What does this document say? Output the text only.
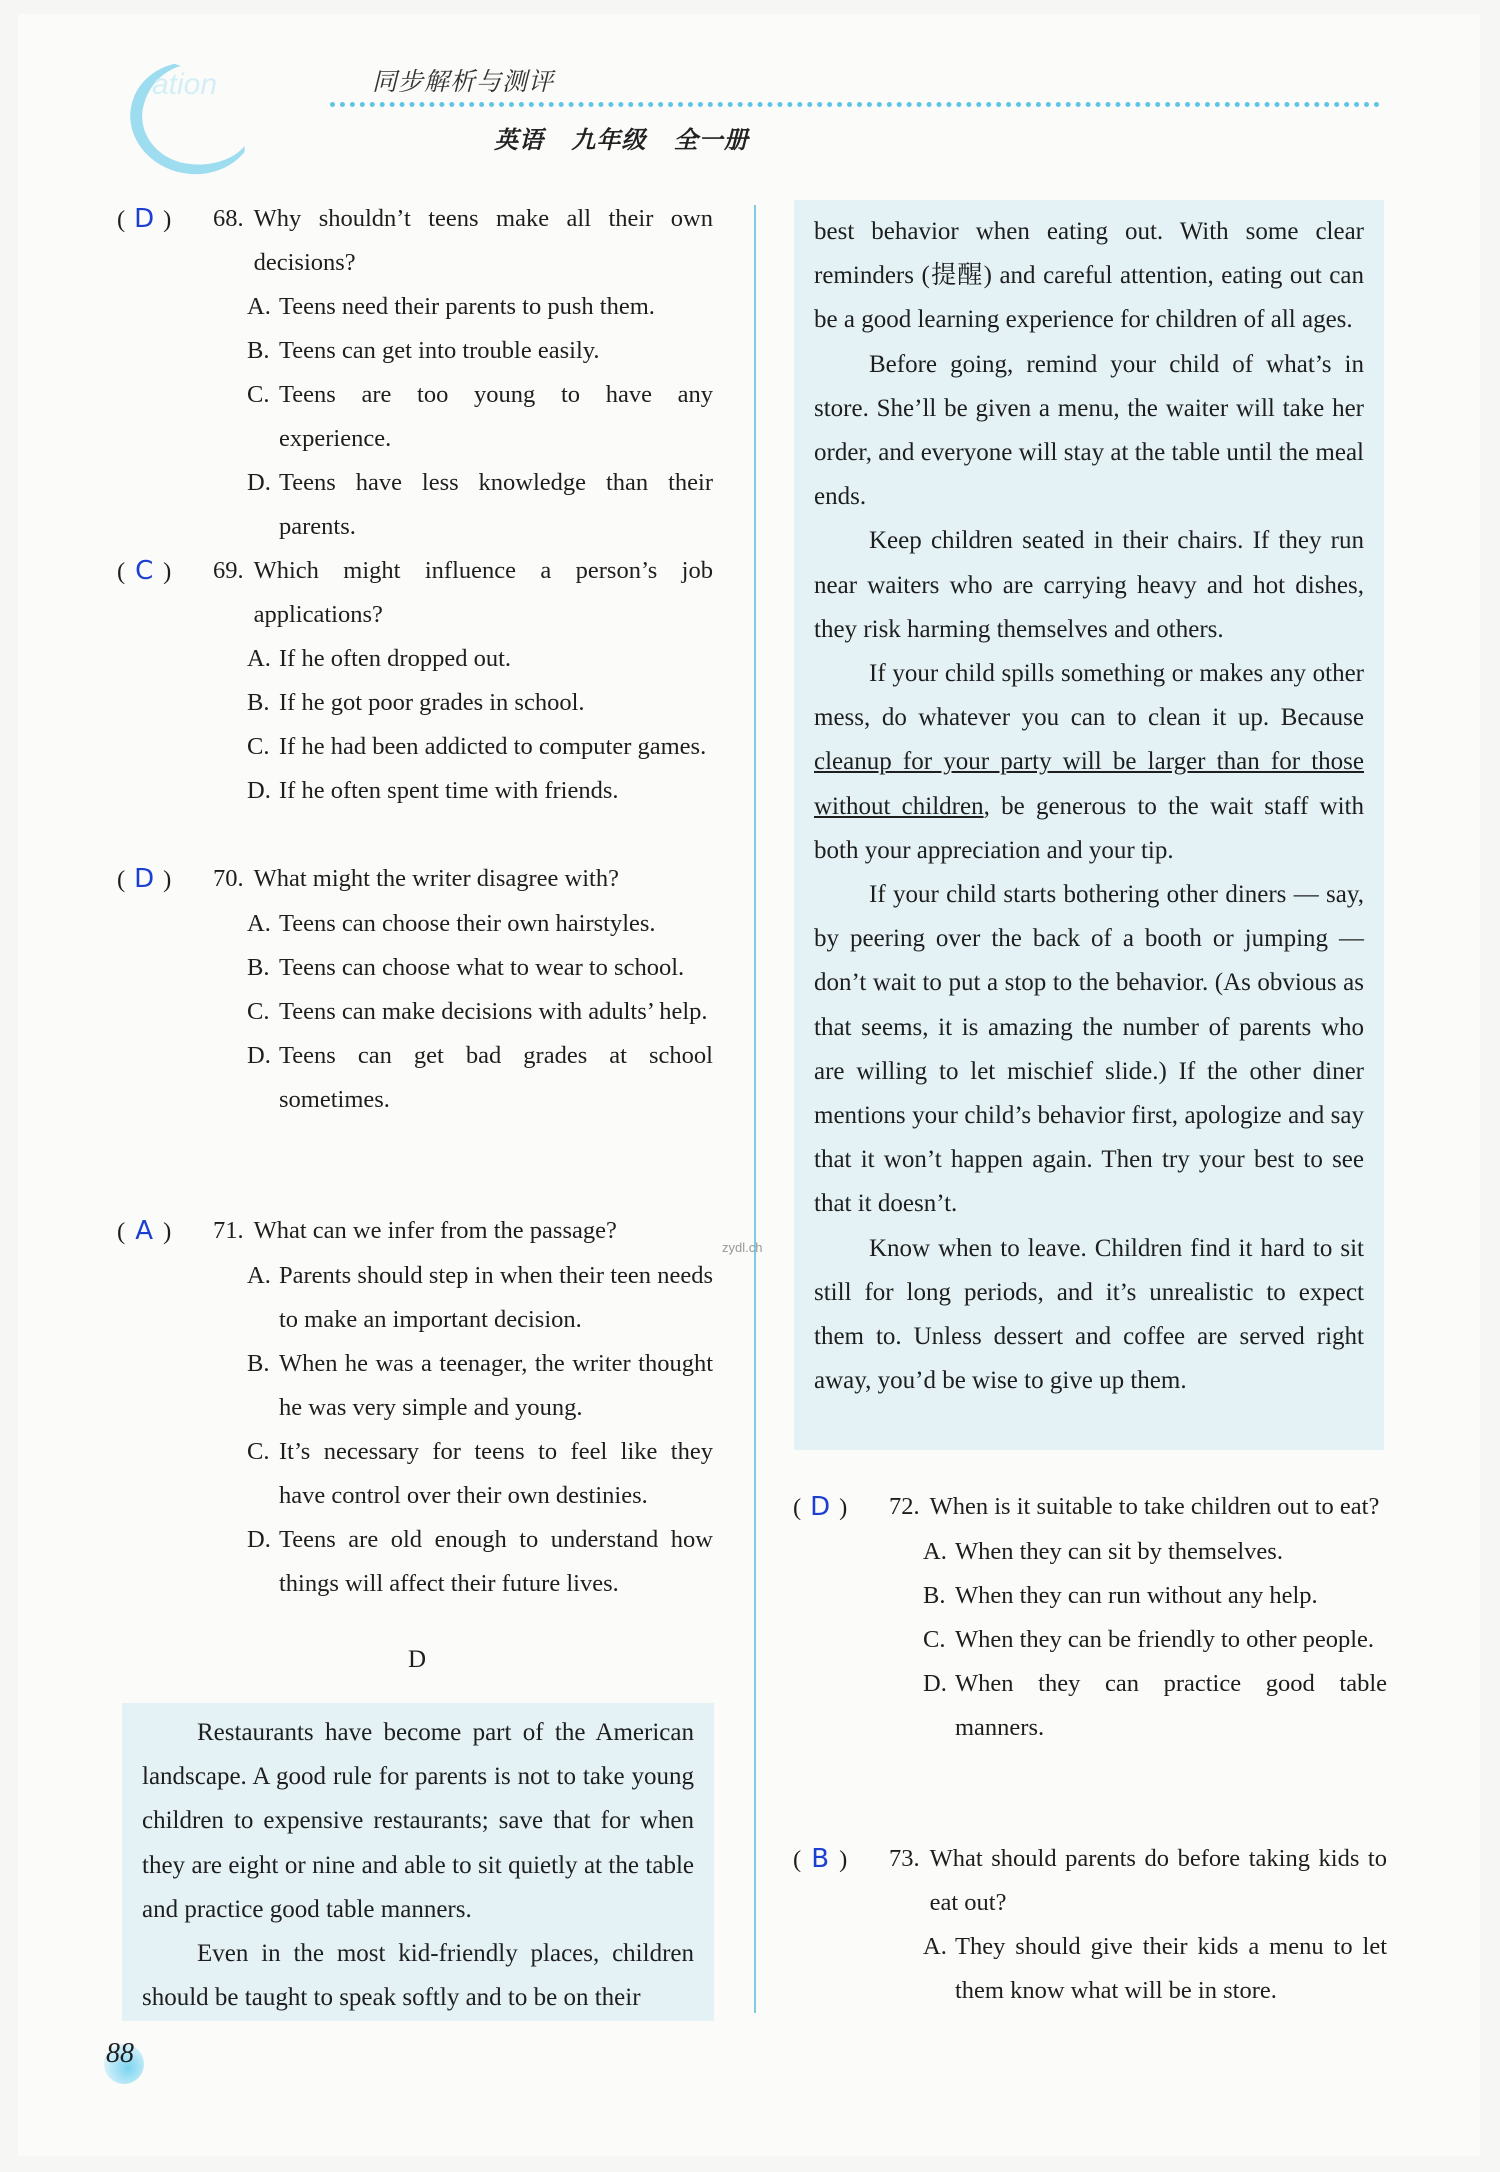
ation	同步解析与测评
英语 九年级 全一册
( D )	68. Why shouldn’t teens make all their own decisions?
A. Teens need their parents to push them.
B. Teens can get into trouble easily.
C. Teens are too young to have any experience.
D. Teens have less knowledge than their parents.
( C )	69. Which might influence a person’s job applications?
A. If he often dropped out.
B. If he got poor grades in school.
C. If he had been addicted to computer games.
D. If he often spent time with friends.
( D )	70. What might the writer disagree with?
A. Teens can choose their own hairstyles.
B. Teens can choose what to wear to school.
C. Teens can make decisions with adults’ help.
D. Teens can get bad grades at school sometimes.
( A )	71. What can we infer from the passage?
A. Parents should step in when their teen needs to make an important decision.
B. When he was a teenager, the writer thought he was very simple and young.
C. It’s necessary for teens to feel like they have control over their own destinies.
D. Teens are old enough to understand how things will affect their future lives.
zydl.ch
D

Restaurants have become part of the American landscape. A good rule for parents is not to take young children to expensive restaurants; save that for when they are eight or nine and able to sit quietly at the table and practice good table manners.

Even in the most kid-friendly places, children should be taught to speak softly and to be on their

best behavior when eating out. With some clear reminders (提醒) and careful attention, eating out can be a good learning experience for children of all ages.

Before going, remind your child of what’s in store. She’ll be given a menu, the waiter will take her order, and everyone will stay at the table until the meal ends.

Keep children seated in their chairs. If they run near waiters who are carrying heavy and hot dishes, they risk harming themselves and others.

If your child spills something or makes any other mess, do whatever you can to clean it up. Because cleanup for your party will be larger than for those without children, be generous to the wait staff with both your appreciation and your tip.

If your child starts bothering other diners — say, by peering over the back of a booth or jumping — don’t wait to put a stop to the behavior. (As obvious as that seems, it is amazing the number of parents who are willing to let mischief slide.) If the other diner mentions your child’s behavior first, apologize and say that it won’t happen again. Then try your best to see that it doesn’t.

Know when to leave. Children find it hard to sit still for long periods, and it’s unrealistic to expect them to. Unless dessert and coffee are served right away, you’d be wise to give up them.

( D )	72. When is it suitable to take children out to eat?
A. When they can sit by themselves.
B. When they can run without any help.
C. When they can be friendly to other people.
D. When they can practice good table manners.
( B )	73. What should parents do before taking kids to eat out?
A. They should give their kids a menu to let them know what will be in store.
88
